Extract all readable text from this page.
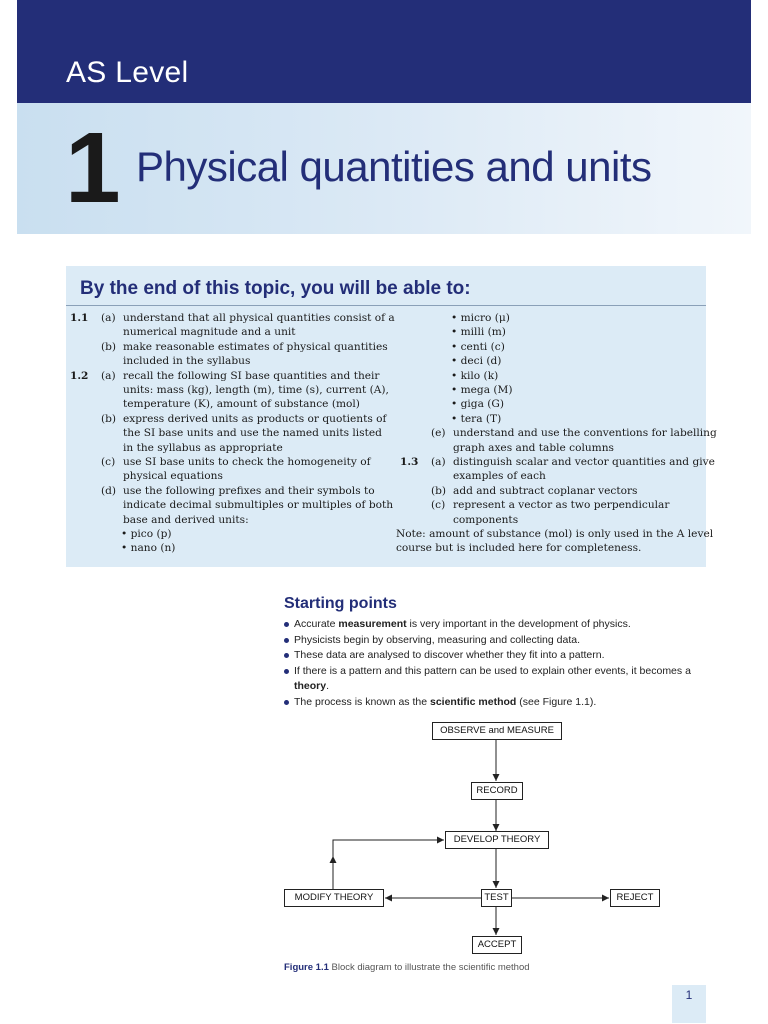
AS Level
1 Physical quantities and units
By the end of this topic, you will be able to:
1.1 (a) understand that all physical quantities consist of a
numerical magnitude and a unit
(b) make reasonable estimates of physical quantities
included in the syllabus
1.2 (a) recall the following SI base quantities and their
units: mass (kg), length (m), time (s), current (A),
temperature (K), amount of substance (mol)
(b) express derived units as products or quotients of
the SI base units and use the named units listed
in the syllabus as appropriate
(c) use SI base units to check the homogeneity of
physical equations
(d) use the following prefixes and their symbols to
indicate decimal submultiples or multiples of both
base and derived units:
• pico (p)
• nano (n)
• micro (μ)
• milli (m)
• centi (c)
• deci (d)
• kilo (k)
• mega (M)
• giga (G)
• tera (T)
(e) understand and use the conventions for labelling
graph axes and table columns
1.3 (a) distinguish scalar and vector quantities and give
examples of each
(b) add and subtract coplanar vectors
(c) represent a vector as two perpendicular
components
Note: amount of substance (mol) is only used in the A level
course but is included here for completeness.
Starting points
Accurate measurement is very important in the development of physics.
Physicists begin by observing, measuring and collecting data.
These data are analysed to discover whether they fit into a pattern.
If there is a pattern and this pattern can be used to explain other events, it becomes a theory.
The process is known as the scientific method (see Figure 1.1).
OBSERVE and MEASURE
RECORD
DEVELOP THEORY
MODIFY THEORY	TEST	REJECT
ACCEPT
Figure 1.1 Block diagram to illustrate the scientific method
1
